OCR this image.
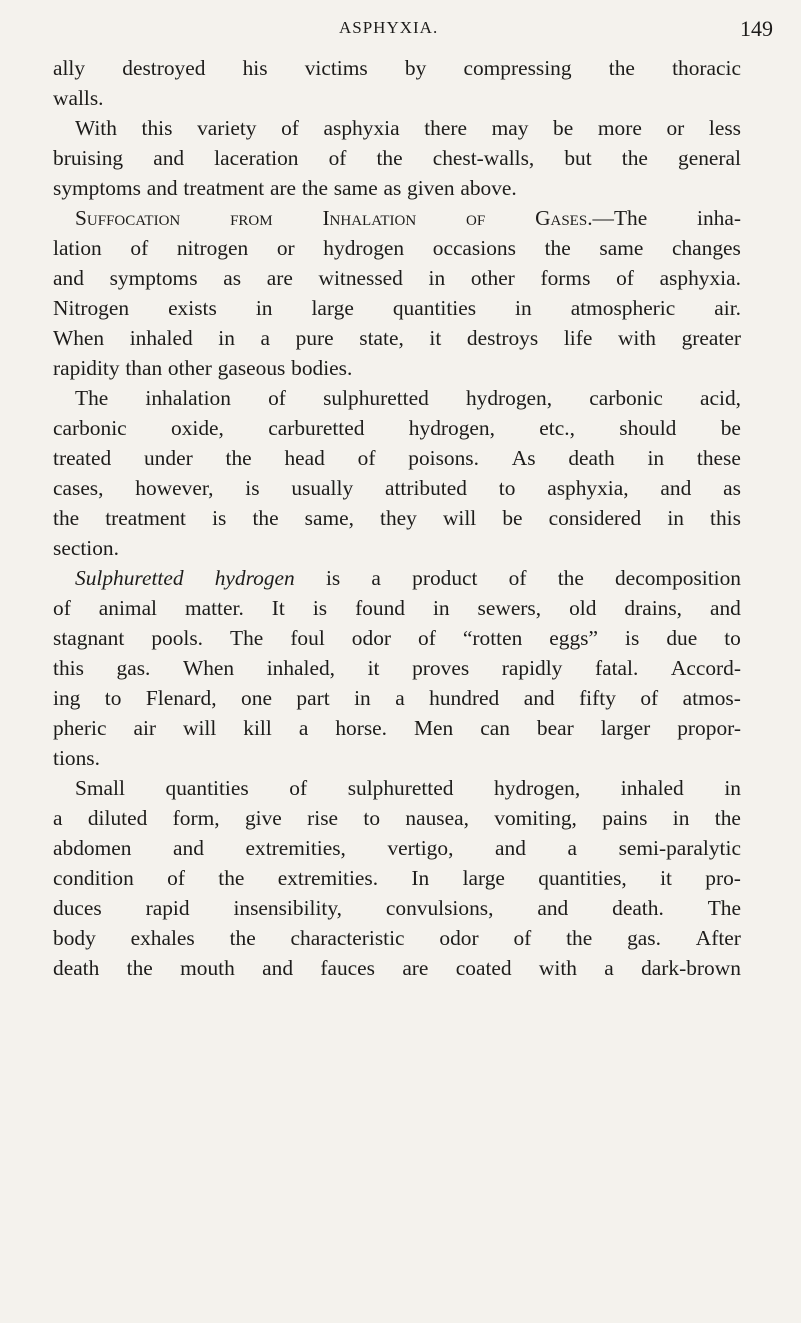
ASPHYXIA.	149
ally destroyed his victims by compressing the thoracic
walls.
With this variety of asphyxia there may be more or less
bruising and laceration of the chest-walls, but the general
symptoms and treatment are the same as given above.
Suffocation from Inhalation of Gases.—The inha-
lation of nitrogen or hydrogen occasions the same changes
and symptoms as are witnessed in other forms of asphyxia.
Nitrogen exists in large quantities in atmospheric air.
When inhaled in a pure state, it destroys life with greater
rapidity than other gaseous bodies.
The inhalation of sulphuretted hydrogen, carbonic acid,
carbonic oxide, carburetted hydrogen, etc., should be
treated under the head of poisons. As death in these
cases, however, is usually attributed to asphyxia, and as
the treatment is the same, they will be considered in this
section.
Sulphuretted hydrogen is a product of the decomposition
of animal matter. It is found in sewers, old drains, and
stagnant pools. The foul odor of “rotten eggs” is due to
this gas. When inhaled, it proves rapidly fatal. Accord-
ing to Flenard, one part in a hundred and fifty of atmos-
pheric air will kill a horse. Men can bear larger propor-
tions.
Small quantities of sulphuretted hydrogen, inhaled in
a diluted form, give rise to nausea, vomiting, pains in the
abdomen and extremities, vertigo, and a semi-paralytic
condition of the extremities. In large quantities, it pro-
duces rapid insensibility, convulsions, and death. The
body exhales the characteristic odor of the gas. After
death the mouth and fauces are coated with a dark-brown
